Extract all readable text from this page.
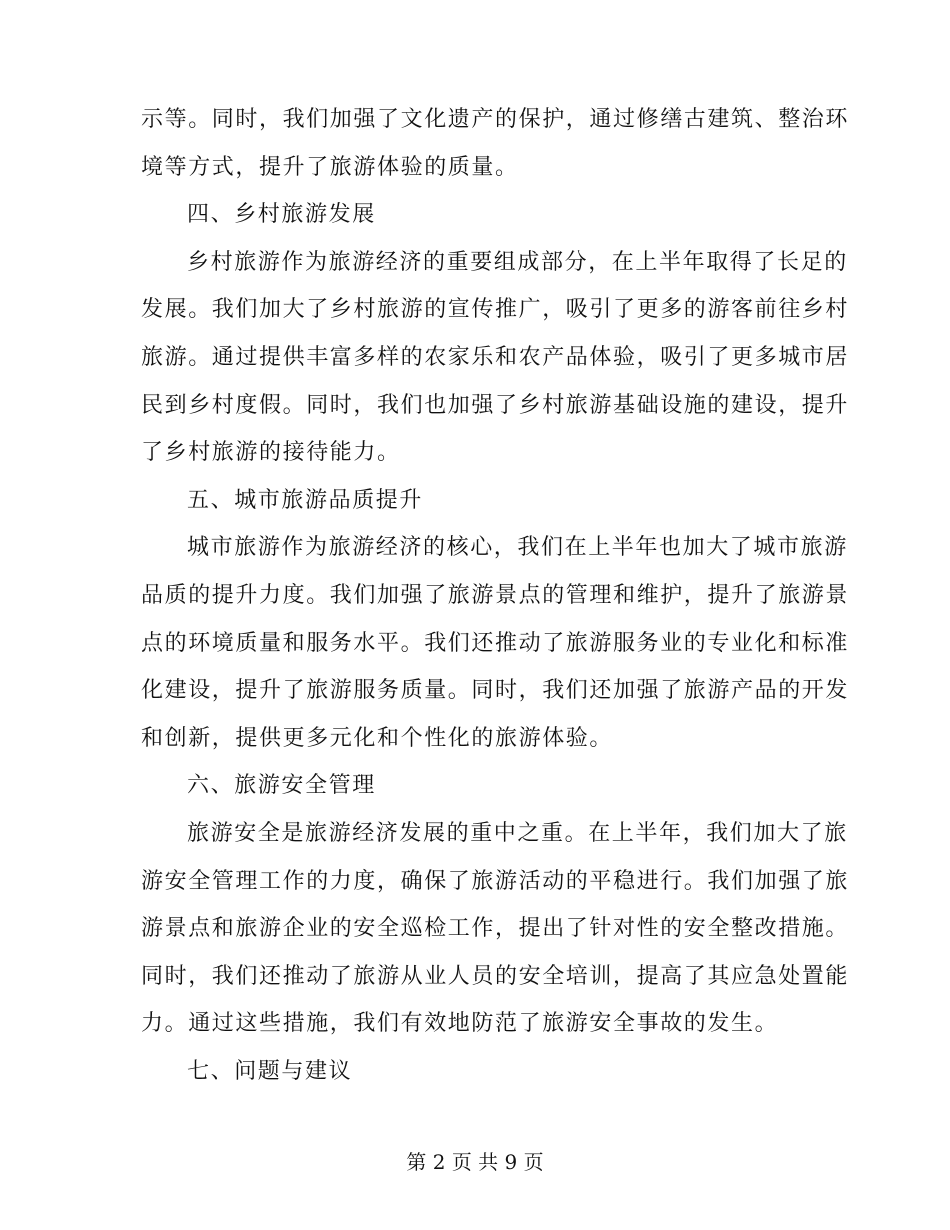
示等。同时，我们加强了文化遗产的保护，通过修缮古建筑、整治环
境等方式，提升了旅游体验的质量。
四、乡村旅游发展
乡村旅游作为旅游经济的重要组成部分，在上半年取得了长足的
发展。我们加大了乡村旅游的宣传推广，吸引了更多的游客前往乡村
旅游。通过提供丰富多样的农家乐和农产品体验，吸引了更多城市居
民到乡村度假。同时，我们也加强了乡村旅游基础设施的建设，提升
了乡村旅游的接待能力。
五、城市旅游品质提升
城市旅游作为旅游经济的核心，我们在上半年也加大了城市旅游
品质的提升力度。我们加强了旅游景点的管理和维护，提升了旅游景
点的环境质量和服务水平。我们还推动了旅游服务业的专业化和标准
化建设，提升了旅游服务质量。同时，我们还加强了旅游产品的开发
和创新，提供更多元化和个性化的旅游体验。
六、旅游安全管理
旅游安全是旅游经济发展的重中之重。在上半年，我们加大了旅
游安全管理工作的力度，确保了旅游活动的平稳进行。我们加强了旅
游景点和旅游企业的安全巡检工作，提出了针对性的安全整改措施。
同时，我们还推动了旅游从业人员的安全培训，提高了其应急处置能
力。通过这些措施，我们有效地防范了旅游安全事故的发生。
七、问题与建议
第 2 页 共 9 页
